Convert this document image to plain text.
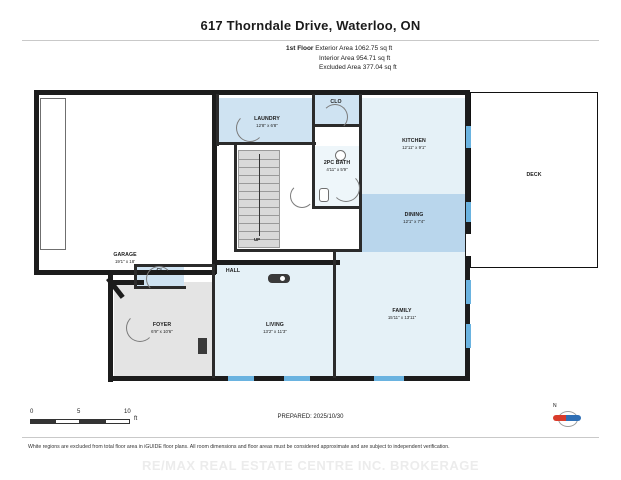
617 Thorndale Drive, Waterloo, ON
1st Floor Exterior Area 1062.75 sq ft
Interior Area 954.71 sq ft
Excluded Area 377.04 sq ft
UP
GARAGE
19'1" x 18'
LAUNDRY
12'8" x 6'8"
CLO
KITCHEN
12'11" x 9'1"
DECK
2PC BATH
4'11" x 5'9"
DINING
12'1" x 7'4"
CL	HALL
FOYER
6'9" x 10'6"
LIVING
13'2" x 11'3"
FAMILY
15'11" x 13'11"
0	5	10
ft	PREPARED: 2025/10/30
N
White regions are excluded from total floor area in iGUIDE floor plans. All room dimensions and floor areas must be considered approximate and are subject to independent verification.
RE/MAX REAL ESTATE CENTRE INC. BROKERAGE
